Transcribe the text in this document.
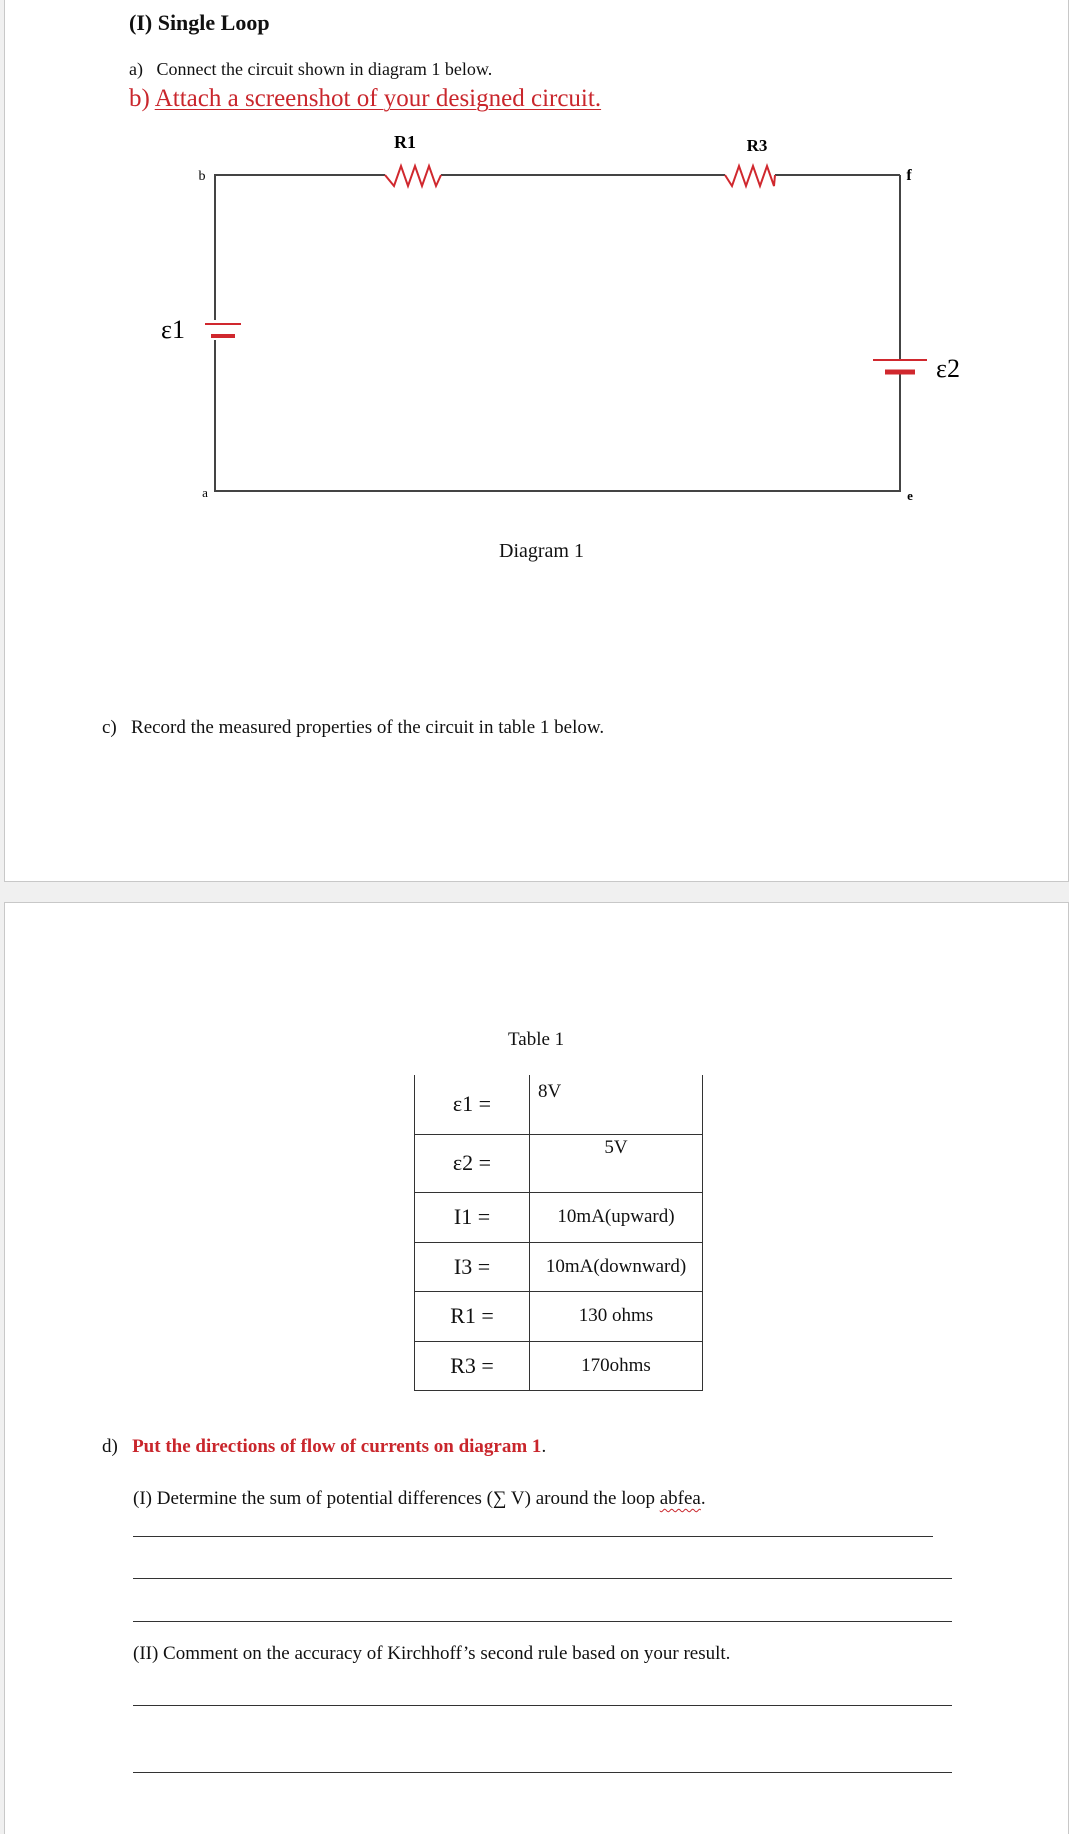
(I) Single Loop
a) Connect the circuit shown in diagram 1 below.
b) Attach a screenshot of your designed circuit.
R1	R3
b
a
f
e
ε1
ε2
Diagram 1
c) Record the measured properties of the circuit in table 1 below.
Table 1
ε1 =	8V
ε2 =	5V
I1 =	10mA(upward)
I3 =	10mA(downward)
R1 =	130 ohms
R3 =	170ohms
d) Put the directions of flow of currents on diagram 1.
(I) Determine the sum of potential differences (∑ V) around the loop abfea.
(II) Comment on the accuracy of Kirchhoff’s second rule based on your result.
